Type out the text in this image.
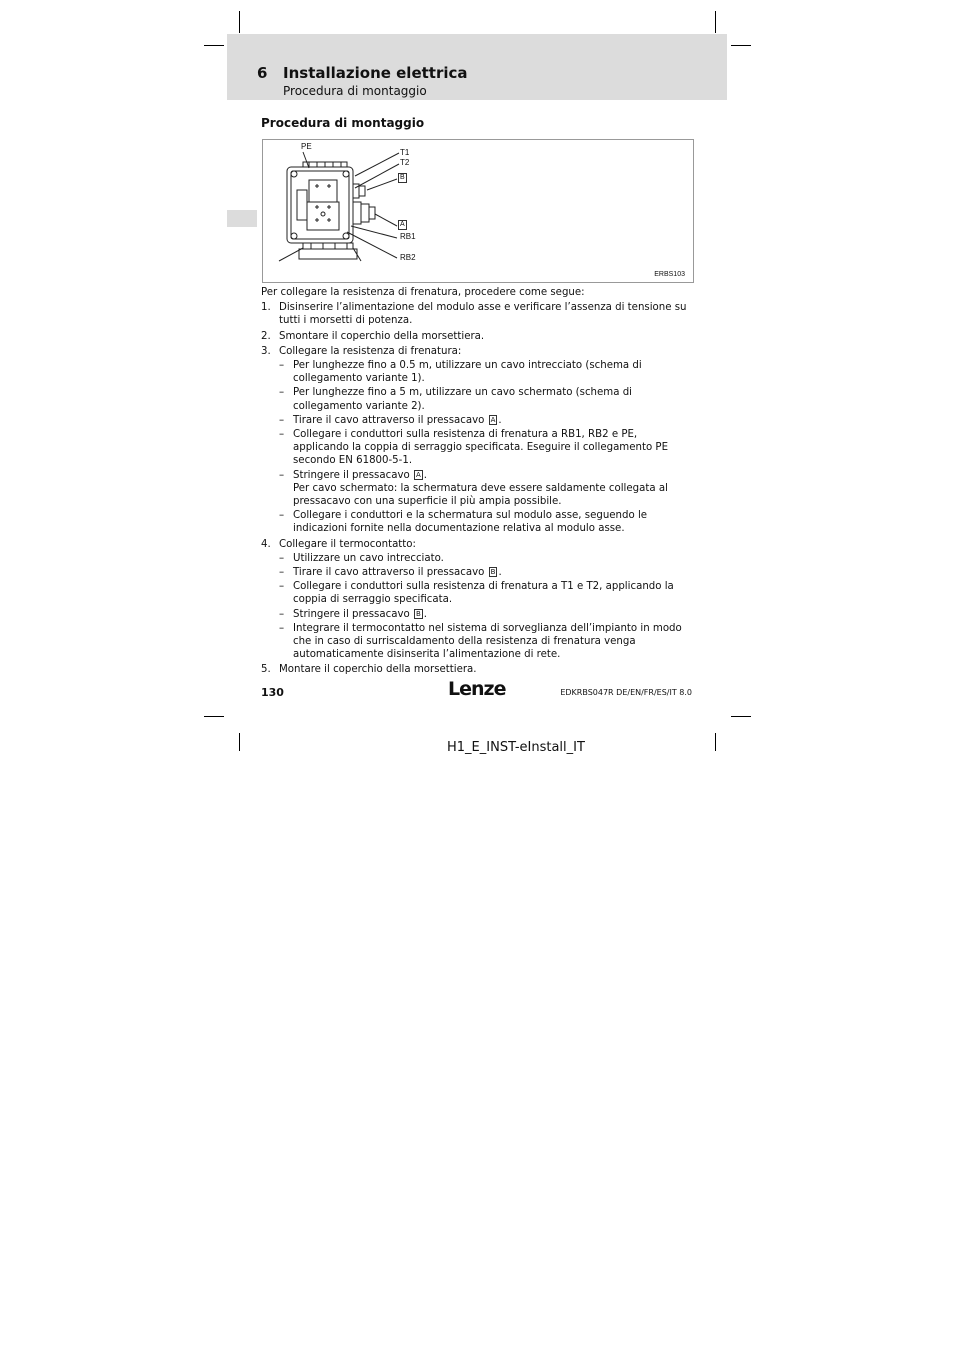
6 Installazione elettrica
Procedura di montaggio
Procedura di montaggio
PE
T1
T2
B
A
RB1
RB2
ERBS103

Per collegare la resistenza di frenatura, procedere come segue:

1. Disinserire l’alimentazione del modulo asse e verificare l’assenza di tensione su tutti i morsetti di potenza.
2. Smontare il coperchio della morsettiera.
3. Collegare la resistenza di frenatura:
– Per lunghezze fino a 0.5 m, utilizzare un cavo intrecciato (schema di collegamento variante 1).
– Per lunghezze fino a 5 m, utilizzare un cavo schermato (schema di collegamento variante 2).
– Tirare il cavo attraverso il pressacavo A .
– Collegare i conduttori sulla resistenza di frenatura a RB1, RB2 e PE, applicando la coppia di serraggio specificata. Eseguire il collegamento PE secondo EN 61800-5-1.
– Stringere il pressacavo A .
Per cavo schermato: la schermatura deve essere saldamente collegata al pressacavo con una superficie il più ampia possibile.
– Collegare i conduttori e la schermatura sul modulo asse, seguendo le indicazioni fornite nella documentazione relativa al modulo asse.
4. Collegare il termocontatto:
– Utilizzare un cavo intrecciato.
– Tirare il cavo attraverso il pressacavo B .
– Collegare i conduttori sulla resistenza di frenatura a T1 e T2, applicando la coppia di serraggio specificata.
– Stringere il pressacavo B .
– Integrare il termocontatto nel sistema di sorveglianza dell’impianto in modo che in caso di surriscaldamento della resistenza di frenatura venga automaticamente disinserita l’alimentazione di rete.
5. Montare il coperchio della morsettiera.
130	Lenze	EDKRBS047R DE/EN/FR/ES/IT 8.0
H1_E_INST-eInstall_IT
